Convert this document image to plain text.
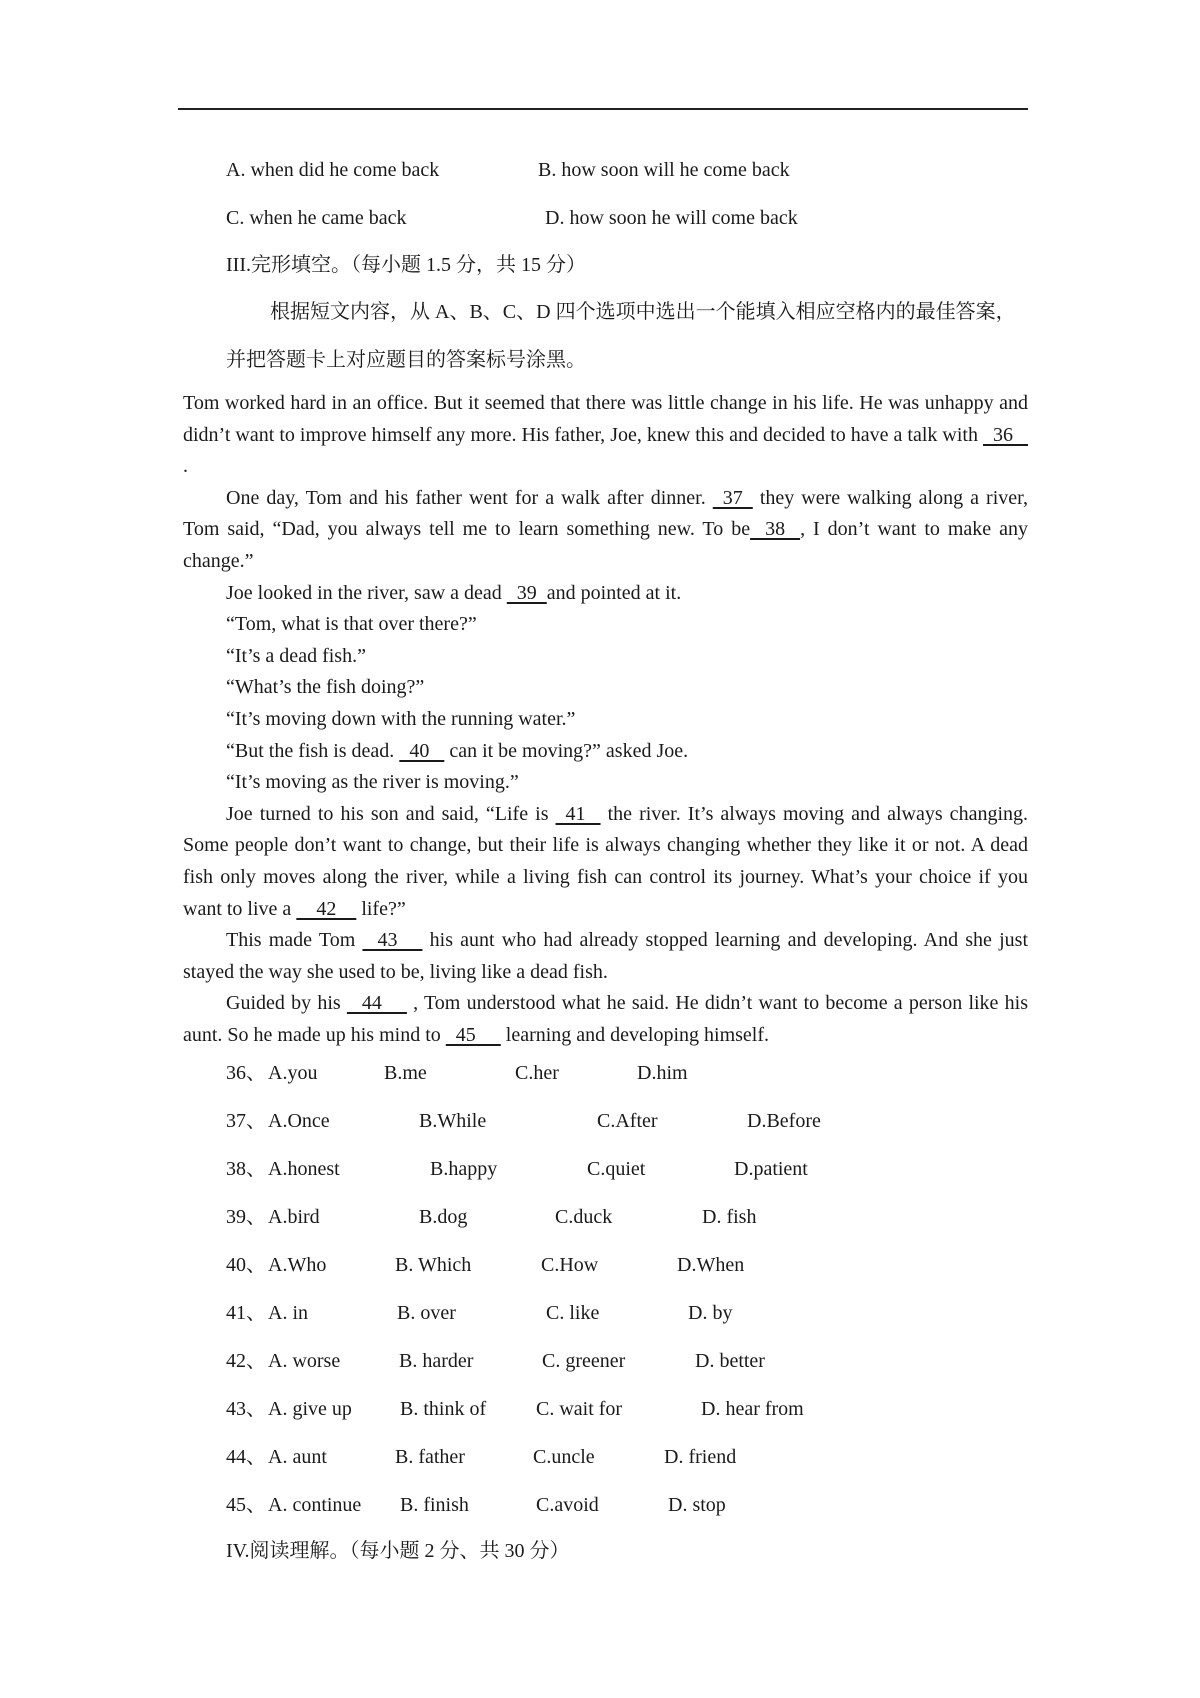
A. when did he come back	B. how soon will he come back
C. when he came back	D. how soon he will come back
III.完形填空。（每小题 1.5 分，共 15 分）
根据短文内容，从 A、B、C、D 四个选项中选出一个能填入相应空格内的最佳答案，并把答题卡上对应题目的答案标号涂黑。

Tom worked hard in an office. But it seemed that there was little change in his life. He was unhappy and didn’t want to improve himself any more. His father, Joe, knew this and decided to have a talk with   36    .

One day, Tom and his father went for a walk after dinner.   37   they were walking along a river, Tom said, “Dad, you always tell me to learn something new. To be   38   , I don’t want to make any change.”

Joe looked in the river, saw a dead   39  and pointed at it.

“Tom, what is that over there?”

“It’s a dead fish.”

“What’s the fish doing?”

“It’s moving down with the running water.”

“But the fish is dead.   40    can it be moving?” asked Joe.

“It’s moving as the river is moving.”

Joe turned to his son and said, “Life is   41    the river. It’s always moving and always changing. Some people don’t want to change, but their life is always changing whether they like it or not. A dead fish only moves along the river, while a living fish can control its journey. What’s your choice if you want to live a     42     life?”

This made Tom    43      his aunt who had already stopped learning and developing. And she just stayed the way she used to be, living like a dead fish.

Guided by his    44      , Tom understood what he said. He didn’t want to become a person like his aunt. So he made up his mind to   45      learning and developing himself.

36、 A.you	B.me	C.her	D.him
37、 A.Once	B.While	C.After	D.Before
38、 A.honest	B.happy	C.quiet	D.patient
39、 A.bird	B.dog	C.duck	D. fish
40、 A.Who	B. Which	C.How	D.When
41、 A. in	B. over	C. like	D. by
42、 A. worse	B. harder	C. greener	D. better
43、 A. give up B. think of C. wait for	D. hear from
44、 A. aunt	B. father	C.uncle	D. friend
45、 A. continue B. finish	C.avoid	D. stop
IV.阅读理解。（每小题 2 分、共 30 分）
